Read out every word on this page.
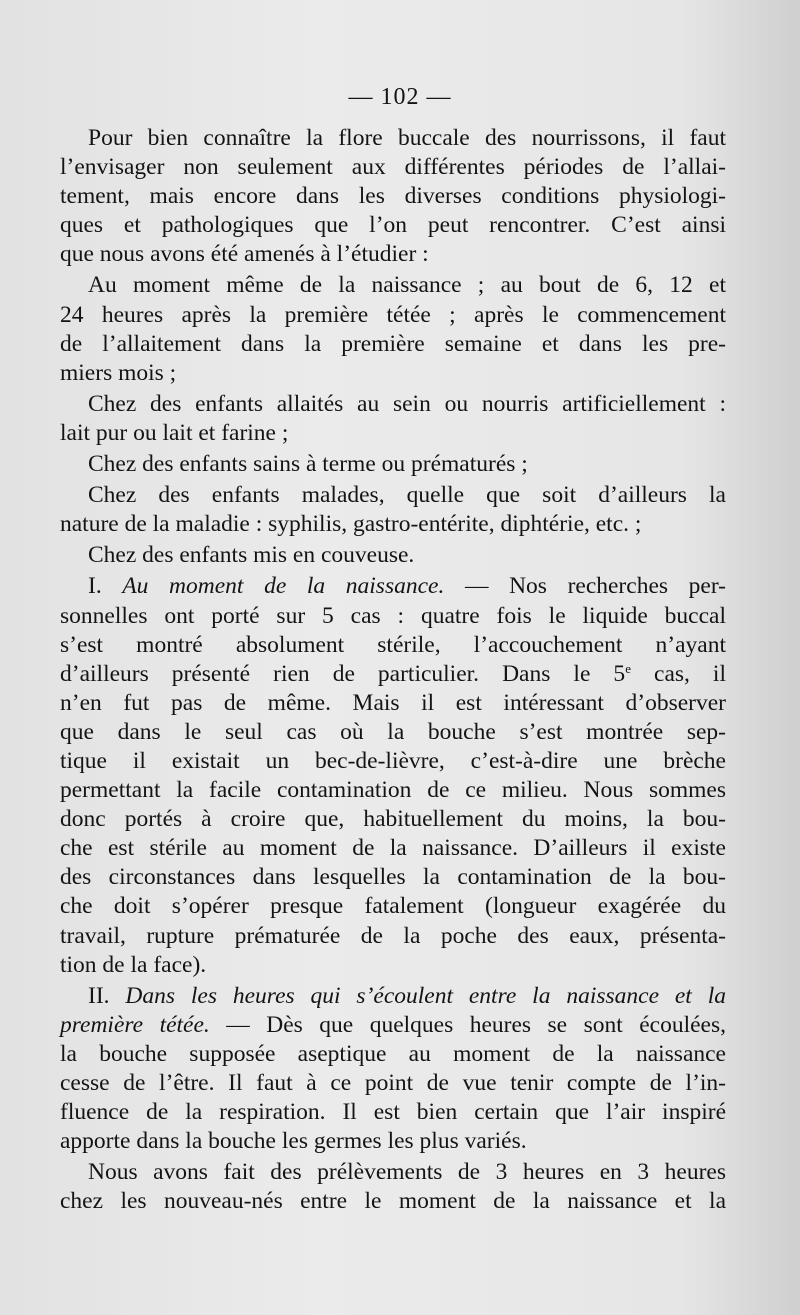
— 102 —
Pour bien connaître la flore buccale des nourrissons, il faut
l’envisager non seulement aux différentes périodes de l’allai-
tement, mais encore dans les diverses conditions physiologi-
ques et pathologiques que l’on peut rencontrer. C’est ainsi
que nous avons été amenés à l’étudier :
Au moment même de la naissance ; au bout de 6, 12 et
24 heures après la première tétée ; après le commencement
de l’allaitement dans la première semaine et dans les pre-
miers mois ;
Chez des enfants allaités au sein ou nourris artificiellement :
lait pur ou lait et farine ;
Chez des enfants sains à terme ou prématurés ;
Chez des enfants malades, quelle que soit d’ailleurs la
nature de la maladie : syphilis, gastro-entérite, diphtérie, etc. ;
Chez des enfants mis en couveuse.
I. Au moment de la naissance. — Nos recherches per-
sonnelles ont porté sur 5 cas : quatre fois le liquide buccal
s’est montré absolument stérile, l’accouchement n’ayant
d’ailleurs présenté rien de particulier. Dans le 5e cas, il
n’en fut pas de même. Mais il est intéressant d’observer
que dans le seul cas où la bouche s’est montrée sep-
tique il existait un bec-de-lièvre, c’est-à-dire une brèche
permettant la facile contamination de ce milieu. Nous sommes
donc portés à croire que, habituellement du moins, la bou-
che est stérile au moment de la naissance. D’ailleurs il existe
des circonstances dans lesquelles la contamination de la bou-
che doit s’opérer presque fatalement (longueur exagérée du
travail, rupture prématurée de la poche des eaux, présenta-
tion de la face).
II. Dans les heures qui s’écoulent entre la naissance et la
première tétée. — Dès que quelques heures se sont écoulées,
la bouche supposée aseptique au moment de la naissance
cesse de l’être. Il faut à ce point de vue tenir compte de l’in-
fluence de la respiration. Il est bien certain que l’air inspiré
apporte dans la bouche les germes les plus variés.
Nous avons fait des prélèvements de 3 heures en 3 heures
chez les nouveau-nés entre le moment de la naissance et la
